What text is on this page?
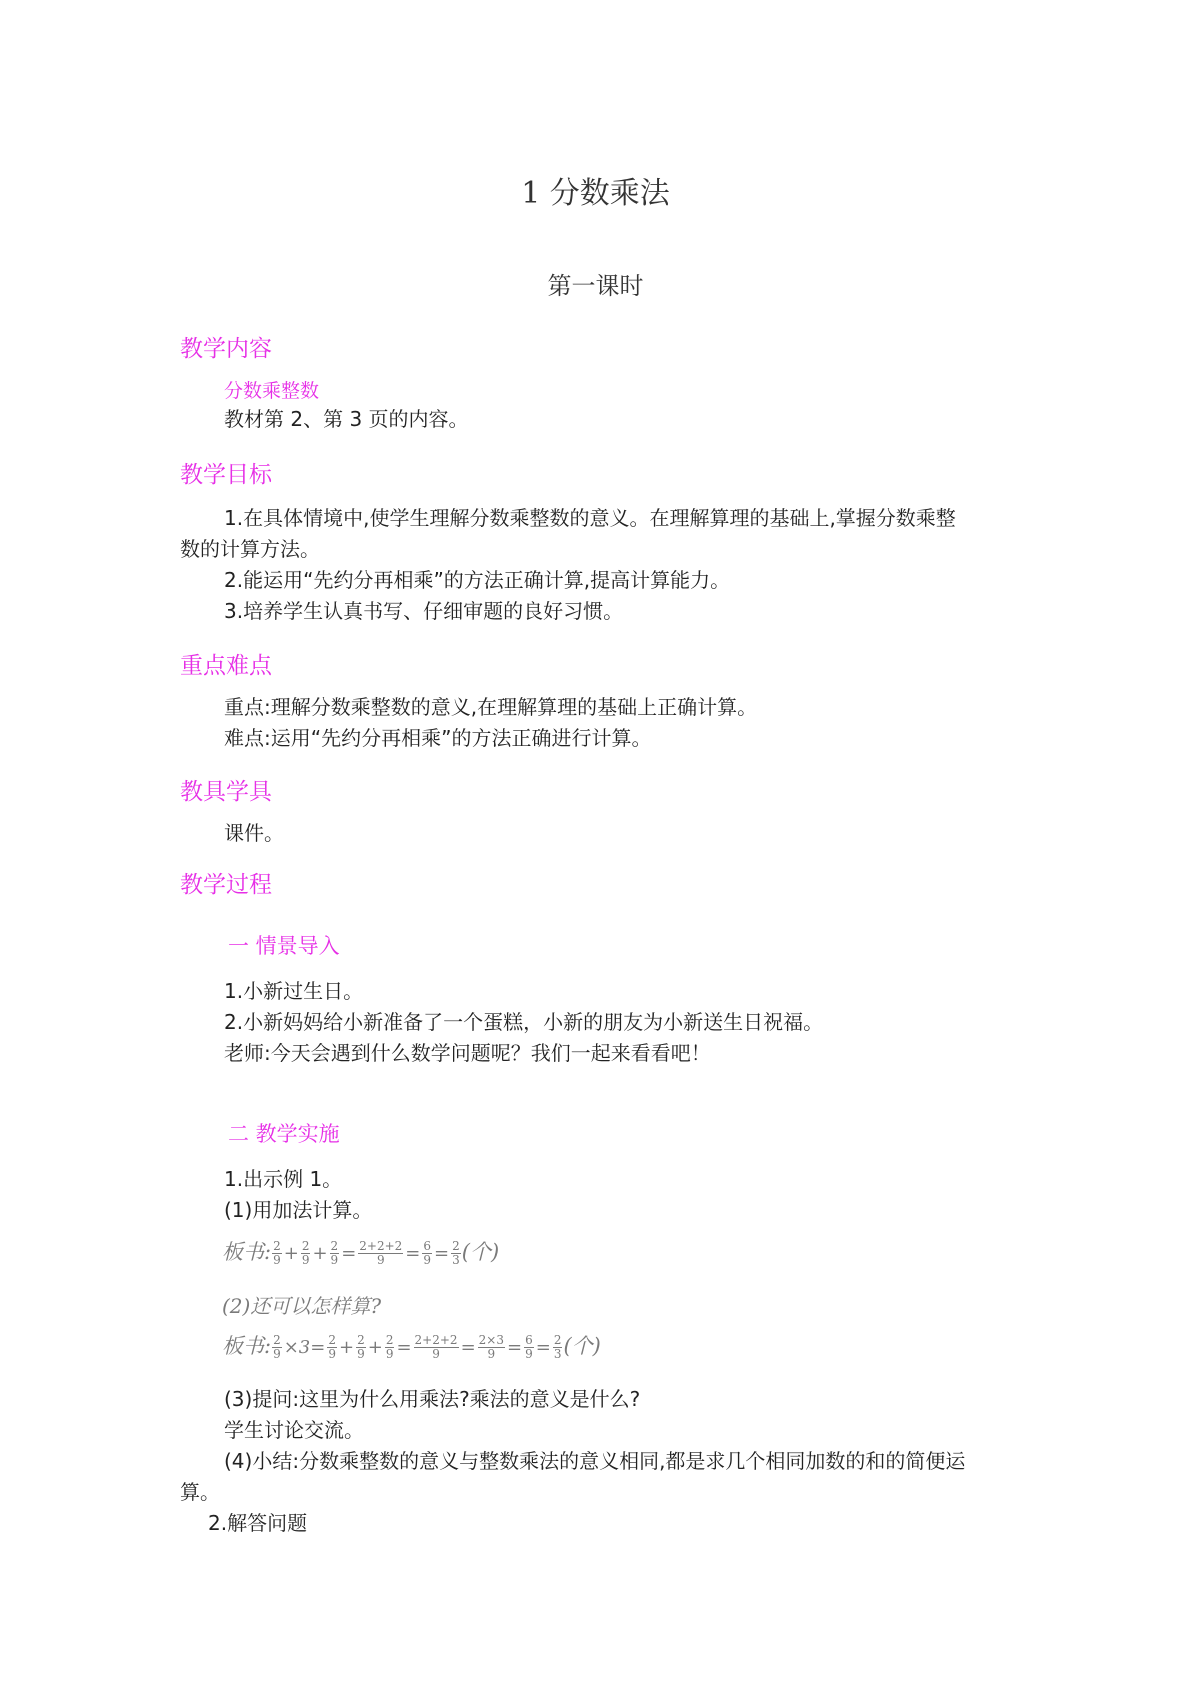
1 分数乘法
第一课时
教学内容
分数乘整数
教材第 2、第 3 页的内容。
教学目标
1.在具体情境中,使学生理解分数乘整数的意义。在理解算理的基础上,掌握分数乘整
数的计算方法。
2.能运用“先约分再相乘”的方法正确计算,提高计算能力。
3.培养学生认真书写、仔细审题的良好习惯。
重点难点
重点:理解分数乘整数的意义,在理解算理的基础上正确计算。
难点:运用“先约分再相乘”的方法正确进行计算。
教具学具
课件。
教学过程
一 情景导入
1.小新过生日。
2.小新妈妈给小新准备了一个蛋糕，小新的朋友为小新送生日祝福。
老师:今天会遇到什么数学问题呢？我们一起来看看吧！
二 教学实施
1.出示例 1。
(1)用加法计算。
板书: $\frac{2}{9} + \frac{2}{9} + \frac{2}{9} = \frac{2+2+2}{9} = \frac{6}{9} = \frac{2}{3}$ (个)
(2)还可以怎样算?
板书: $\frac{2}{9} \times 3= \frac{2}{9} + \frac{2}{9} + \frac{2}{9} = \frac{2+2+2}{9} = \frac{2\times 3}{9} = \frac{6}{9} = \frac{2}{3}$ (个)
(3)提问:这里为什么用乘法?乘法的意义是什么?
学生讨论交流。
(4)小结:分数乘整数的意义与整数乘法的意义相同,都是求几个相同加数的和的简便运
算。
2.解答问题
